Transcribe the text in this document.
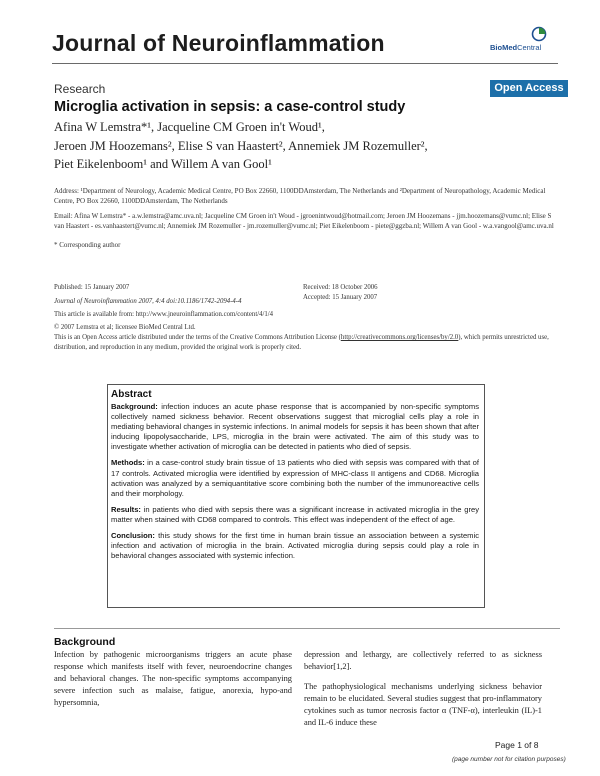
Journal of Neuroinflammation	BioMedCentral
Research	Open Access
Microglia activation in sepsis: a case-control study
Afina W Lemstra*¹, Jacqueline CM Groen in't Woud¹,
Jeroen JM Hoozemans², Elise S van Haastert², Annemiek JM Rozemuller²,
Piet Eikelenboom¹ and Willem A van Gool¹
Address: ¹Department of Neurology, Academic Medical Centre, PO Box 22660, 1100DDAmsterdam, The Netherlands and ²Department of Neuropathology, Academic Medical Centre, PO Box 22660, 1100DDAmsterdam, The Netherlands
Email: Afina W Lemstra* - a.w.lemstra@amc.uva.nl; Jacqueline CM Groen in't Woud - jgroenintwoud@hotmail.com; Jeroen JM Hoozemans - jjm.hoozemans@vumc.nl; Elise S van Haastert - es.vanhaastert@vumc.nl; Annemiek JM Rozemuller - jm.rozemuller@vumc.nl; Piet Eikelenboom - piete@ggzba.nl; Willem A van Gool - w.a.vangool@amc.uva.nl
* Corresponding author
Published: 15 January 2007	Received: 18 October 2006
Accepted: 15 January 2007
Journal of Neuroinflammation 2007, 4:4 doi:10.1186/1742-2094-4-4
This article is available from: http://www.jneuroinflammation.com/content/4/1/4
© 2007 Lemstra et al; licensee BioMed Central Ltd.
This is an Open Access article distributed under the terms of the Creative Commons Attribution License (http://creativecommons.org/licenses/by/2.0), which permits unrestricted use, distribution, and reproduction in any medium, provided the original work is properly cited.
Abstract
Background: infection induces an acute phase response that is accompanied by non-specific symptoms collectively named sickness behavior. Recent observations suggest that microglial cells play a role in mediating behavioral changes in systemic infections. In animal models for sepsis it has been shown that after inducing lipopolysaccharide, LPS, microglia in the brain were activated. The aim of this study was to investigate whether activation of microglia can be detected in patients who died of sepsis.
Methods: in a case-control study brain tissue of 13 patients who died with sepsis was compared with that of 17 controls. Activated microglia were identified by expression of MHC-class II antigens and CD68. Microglia activation was analyzed by a semiquantitative score combining both the number of the immunoreactive cells and their morphology.
Results: in patients who died with sepsis there was a significant increase in activated microglia in the grey matter when stained with CD68 compared to controls. This effect was independent of the effect of age.
Conclusion: this study shows for the first time in human brain tissue an association between a systemic infection and activation of microglia in the brain. Activated microglia during sepsis could play a role in behavioral changes associated with systemic infection.
Background

Infection by pathogenic microorganisms triggers an acute phase response which manifests itself with fever, neuroendocrine changes and behavioral changes. The non-specific symptoms accompanying severe infection such as malaise, fatigue, anorexia, hypo-and hypersomnia,

depression and lethargy, are collectively referred to as sickness behavior[1,2].

The pathophysiological mechanisms underlying sickness behavior remain to be elucidated. Several studies suggest that pro-inflammatory cytokines such as tumor necrosis factor α (TNF-α), interleukin (IL)-1 and IL-6 induce these

Page 1 of 8
(page number not for citation purposes)
